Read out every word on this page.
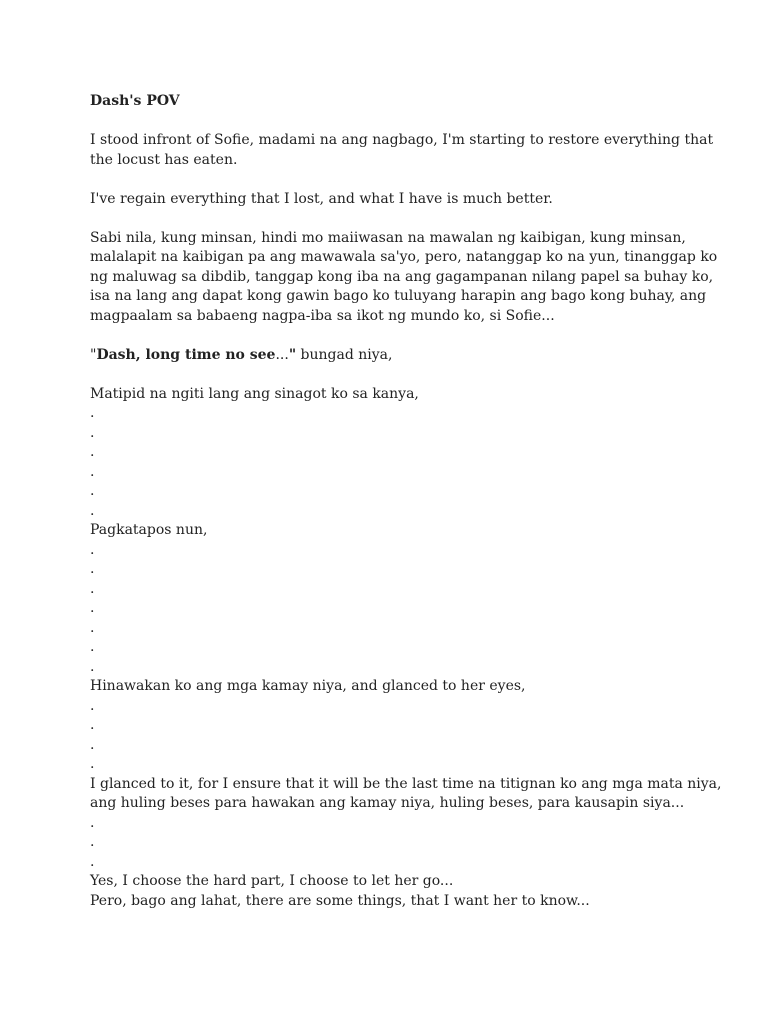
Dash's POV
I stood infront of Sofie, madami na ang nagbago, I'm starting to restore everything that
the locust has eaten.
I've regain everything that I lost, and what I have is much better.
Sabi nila, kung minsan, hindi mo maiiwasan na mawalan ng kaibigan, kung minsan,
malalapit na kaibigan pa ang mawawala sa'yo, pero, natanggap ko na yun, tinanggap ko
ng maluwag sa dibdib, tanggap kong iba na ang gagampanan nilang papel sa buhay ko,
isa na lang ang dapat kong gawin bago ko tuluyang harapin ang bago kong buhay, ang
magpaalam sa babaeng nagpa-iba sa ikot ng mundo ko, si Sofie...
"Dash, long time no see..." bungad niya,
Matipid na ngiti lang ang sinagot ko sa kanya,
.
.
.
.
.
.
Pagkatapos nun,
.
.
.
.
.
.
.
Hinawakan ko ang mga kamay niya, and glanced to her eyes,
.
.
.
.
I glanced to it, for I ensure that it will be the last time na titignan ko ang mga mata niya,
ang huling beses para hawakan ang kamay niya, huling beses, para kausapin siya...
.
.
.
Yes, I choose the hard part, I choose to let her go...
Pero, bago ang lahat, there are some things, that I want her to know...
